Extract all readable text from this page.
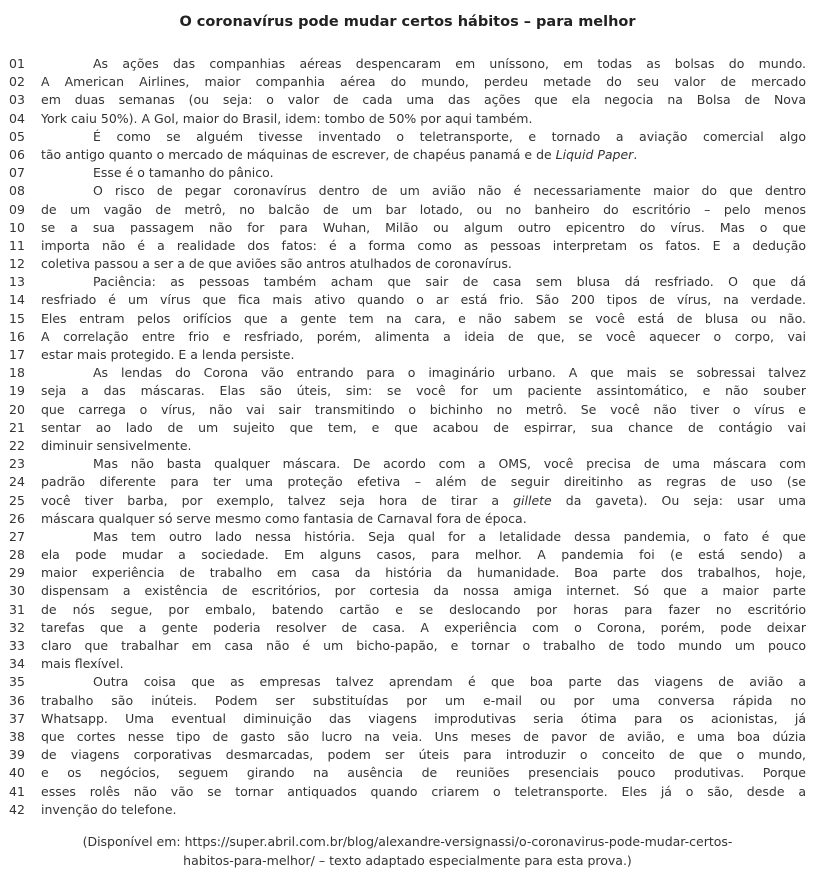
O coronavírus pode mudar certos hábitos – para melhor
01	As ações das companhias aéreas despencaram em uníssono, em todas as bolsas do mundo.
02	A American Airlines, maior companhia aérea do mundo, perdeu metade do seu valor de mercado
03	em duas semanas (ou seja: o valor de cada uma das ações que ela negocia na Bolsa de Nova
04	York caiu 50%). A Gol, maior do Brasil, idem: tombo de 50% por aqui também.
05	É como se alguém tivesse inventado o teletransporte, e tornado a aviação comercial algo
06	tão antigo quanto o mercado de máquinas de escrever, de chapéus panamá e de Liquid Paper.
07	Esse é o tamanho do pânico.
08	O risco de pegar coronavírus dentro de um avião não é necessariamente maior do que dentro
09	de um vagão de metrô, no balcão de um bar lotado, ou no banheiro do escritório – pelo menos
10	se a sua passagem não for para Wuhan, Milão ou algum outro epicentro do vírus. Mas o que
11	importa não é a realidade dos fatos: é a forma como as pessoas interpretam os fatos. E a dedução
12	coletiva passou a ser a de que aviões são antros atulhados de coronavírus.
13	Paciência: as pessoas também acham que sair de casa sem blusa dá resfriado. O que dá
14	resfriado é um vírus que fica mais ativo quando o ar está frio. São 200 tipos de vírus, na verdade.
15	Eles entram pelos orifícios que a gente tem na cara, e não sabem se você está de blusa ou não.
16	A correlação entre frio e resfriado, porém, alimenta a ideia de que, se você aquecer o corpo, vai
17	estar mais protegido. E a lenda persiste.
18	As lendas do Corona vão entrando para o imaginário urbano. A que mais se sobressai talvez
19	seja a das máscaras. Elas são úteis, sim: se você for um paciente assintomático, e não souber
20	que carrega o vírus, não vai sair transmitindo o bichinho no metrô. Se você não tiver o vírus e
21	sentar ao lado de um sujeito que tem, e que acabou de espirrar, sua chance de contágio vai
22	diminuir sensivelmente.
23	Mas não basta qualquer máscara. De acordo com a OMS, você precisa de uma máscara com
24	padrão diferente para ter uma proteção efetiva – além de seguir direitinho as regras de uso (se
25	você tiver barba, por exemplo, talvez seja hora de tirar a gillete da gaveta). Ou seja: usar uma
26	máscara qualquer só serve mesmo como fantasia de Carnaval fora de época.
27	Mas tem outro lado nessa história. Seja qual for a letalidade dessa pandemia, o fato é que
28	ela pode mudar a sociedade. Em alguns casos, para melhor. A pandemia foi (e está sendo) a
29	maior experiência de trabalho em casa da história da humanidade. Boa parte dos trabalhos, hoje,
30	dispensam a existência de escritórios, por cortesia da nossa amiga internet. Só que a maior parte
31	de nós segue, por embalo, batendo cartão e se deslocando por horas para fazer no escritório
32	tarefas que a gente poderia resolver de casa. A experiência com o Corona, porém, pode deixar
33	claro que trabalhar em casa não é um bicho-papão, e tornar o trabalho de todo mundo um pouco
34	mais flexível.
35	Outra coisa que as empresas talvez aprendam é que boa parte das viagens de avião a
36	trabalho são inúteis. Podem ser substituídas por um e-mail ou por uma conversa rápida no
37	Whatsapp. Uma eventual diminuição das viagens improdutivas seria ótima para os acionistas, já
38	que cortes nesse tipo de gasto são lucro na veia. Uns meses de pavor de avião, e uma boa dúzia
39	de viagens corporativas desmarcadas, podem ser úteis para introduzir o conceito de que o mundo,
40	e os negócios, seguem girando na ausência de reuniões presenciais pouco produtivas. Porque
41	esses rolês não vão se tornar antiquados quando criarem o teletransporte. Eles já o são, desde a
42	invenção do telefone.
(Disponível em: https://super.abril.com.br/blog/alexandre-versignassi/o-coronavirus-pode-mudar-certos-
habitos-para-melhor/ – texto adaptado especialmente para esta prova.)
